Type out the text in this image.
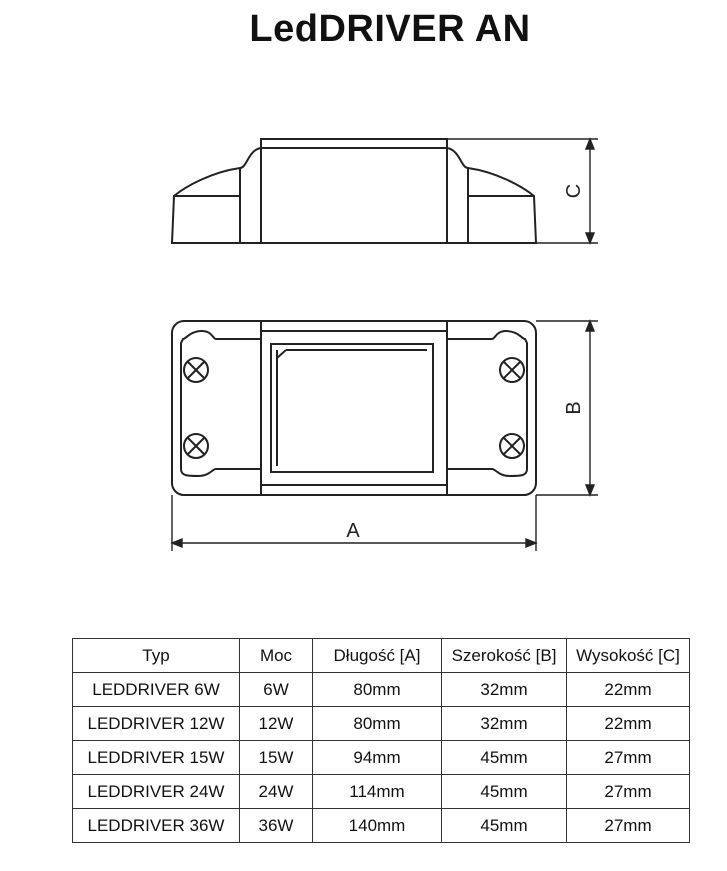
LedDRIVER AN
C
B
A
Typ	Moc	Długość [A]	Szerokość [B]	Wysokość [C]
LEDDRIVER 6W	6W	80mm	32mm	22mm
LEDDRIVER 12W	12W	80mm	32mm	22mm
LEDDRIVER 15W	15W	94mm	45mm	27mm
LEDDRIVER 24W	24W	114mm	45mm	27mm
LEDDRIVER 36W	36W	140mm	45mm	27mm
